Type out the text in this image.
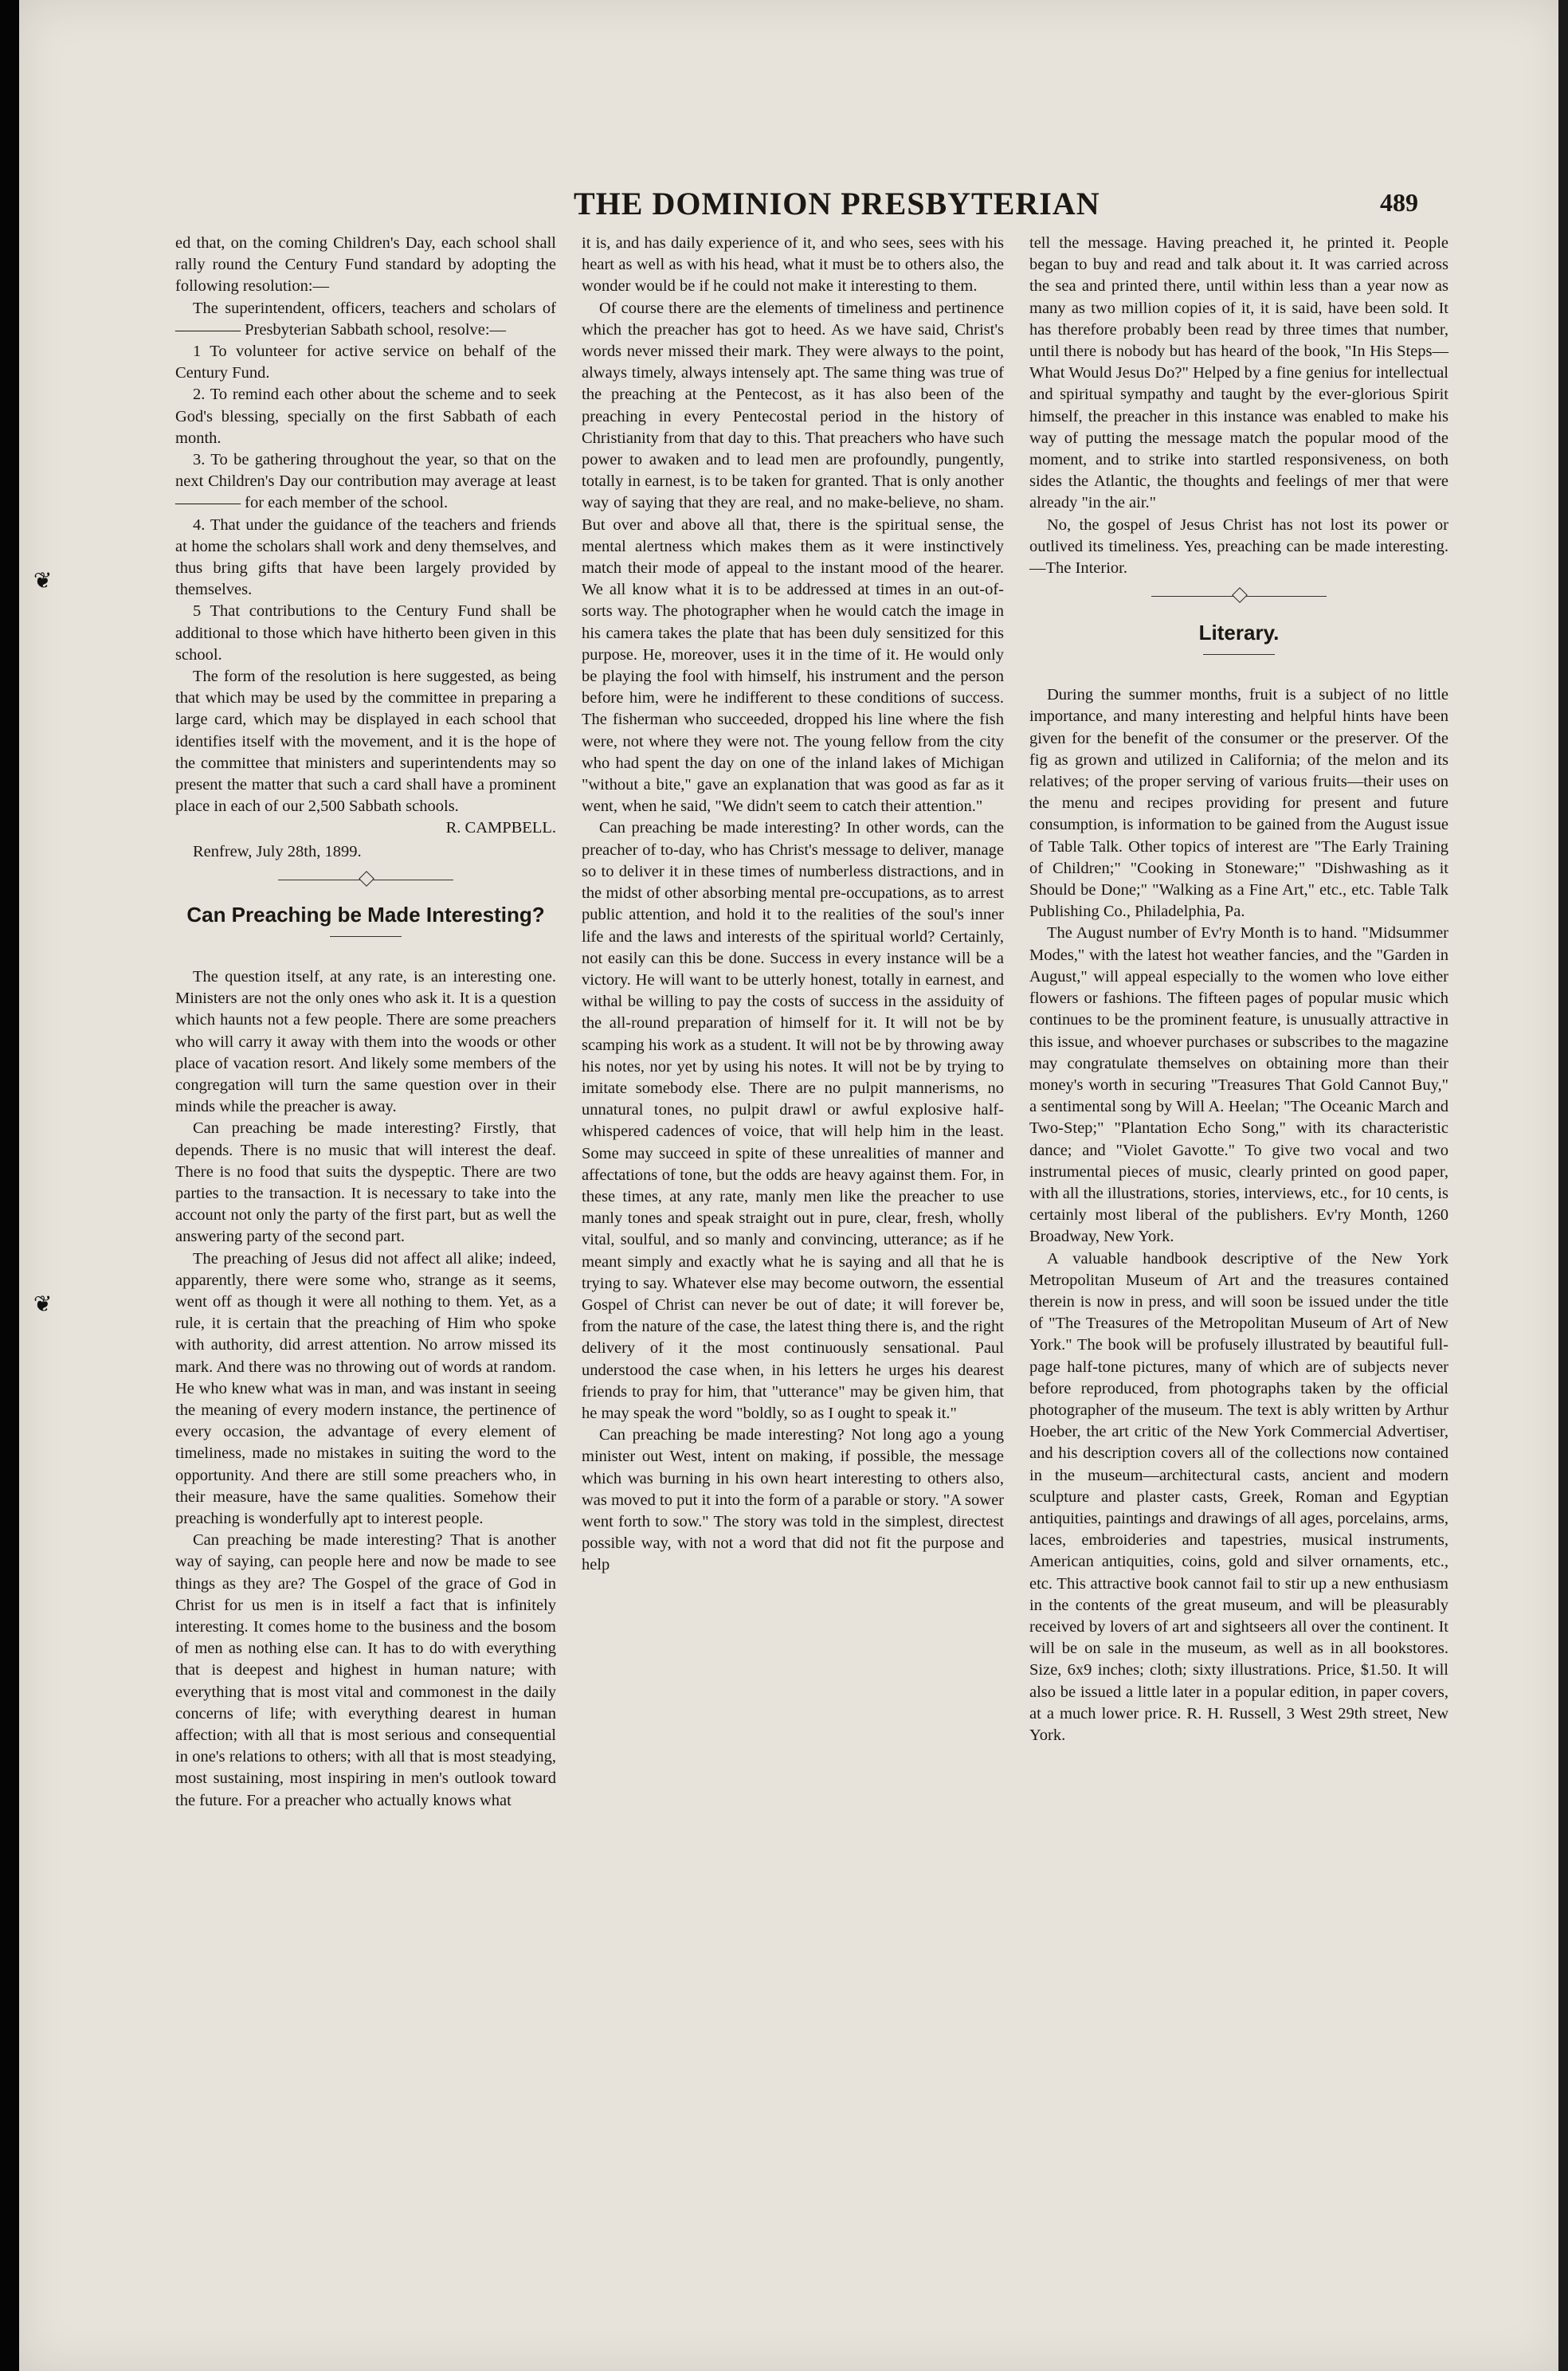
❦
❦
THE DOMINION PRESBYTERIAN	489

ed that, on the coming Children's Day, each school shall rally round the Century Fund standard by adopting the following resolution:—

The superintendent, officers, teachers and scholars of ———— Presbyterian Sabbath school, resolve:—

1 To volunteer for active service on behalf of the Century Fund.

2. To remind each other about the scheme and to seek God's blessing, specially on the first Sabbath of each month.

3. To be gathering throughout the year, so that on the next Children's Day our contribution may average at least ———— for each member of the school.

4. That under the guidance of the teachers and friends at home the scholars shall work and deny themselves, and thus bring gifts that have been largely provided by themselves.

5 That contributions to the Century Fund shall be additional to those which have hitherto been given in this school.

The form of the resolution is here suggested, as being that which may be used by the committee in preparing a large card, which may be displayed in each school that identifies itself with the movement, and it is the hope of the committee that ministers and superintendents may so present the matter that such a card shall have a prominent place in each of our 2,500 Sabbath schools.

R. CAMPBELL.

Renfrew, July 28th, 1899.

Can Preaching be Made Interesting?

The question itself, at any rate, is an interesting one. Ministers are not the only ones who ask it. It is a question which haunts not a few people. There are some preachers who will carry it away with them into the woods or other place of vacation resort. And likely some members of the congregation will turn the same question over in their minds while the preacher is away.

Can preaching be made interesting? Firstly, that depends. There is no music that will interest the deaf. There is no food that suits the dyspeptic. There are two parties to the transaction. It is necessary to take into the account not only the party of the first part, but as well the answering party of the second part.

The preaching of Jesus did not affect all alike; indeed, apparently, there were some who, strange as it seems, went off as though it were all nothing to them. Yet, as a rule, it is certain that the preaching of Him who spoke with authority, did arrest attention. No arrow missed its mark. And there was no throwing out of words at random. He who knew what was in man, and was instant in seeing the meaning of every modern instance, the pertinence of every occasion, the advantage of every element of timeliness, made no mistakes in suiting the word to the opportunity. And there are still some preachers who, in their measure, have the same qualities. Somehow their preaching is wonderfully apt to interest people.

Can preaching be made interesting? That is another way of saying, can people here and now be made to see things as they are? The Gospel of the grace of God in Christ for us men is in itself a fact that is infinitely interesting. It comes home to the business and the bosom of men as nothing else can. It has to do with everything that is deepest and highest in human nature; with everything that is most vital and commonest in the daily concerns of life; with everything dearest in human affection; with all that is most serious and consequential in one's relations to others; with all that is most steadying, most sustaining, most inspiring in men's outlook toward the future. For a preacher who actually knows what

it is, and has daily experience of it, and who sees, sees with his heart as well as with his head, what it must be to others also, the wonder would be if he could not make it interesting to them.

Of course there are the elements of timeliness and pertinence which the preacher has got to heed. As we have said, Christ's words never missed their mark. They were always to the point, always timely, always intensely apt. The same thing was true of the preaching at the Pentecost, as it has also been of the preaching in every Pentecostal period in the history of Christianity from that day to this. That preachers who have such power to awaken and to lead men are profoundly, pungently, totally in earnest, is to be taken for granted. That is only another way of saying that they are real, and no make-believe, no sham. But over and above all that, there is the spiritual sense, the mental alertness which makes them as it were instinctively match their mode of appeal to the instant mood of the hearer. We all know what it is to be addressed at times in an out-of-sorts way. The photographer when he would catch the image in his camera takes the plate that has been duly sensitized for this purpose. He, moreover, uses it in the time of it. He would only be playing the fool with himself, his instrument and the person before him, were he indifferent to these conditions of success. The fisherman who succeeded, dropped his line where the fish were, not where they were not. The young fellow from the city who had spent the day on one of the inland lakes of Michigan "without a bite," gave an explanation that was good as far as it went, when he said, "We didn't seem to catch their attention."

Can preaching be made interesting? In other words, can the preacher of to-day, who has Christ's message to deliver, manage so to deliver it in these times of numberless distractions, and in the midst of other absorbing mental pre-occupations, as to arrest public attention, and hold it to the realities of the soul's inner life and the laws and interests of the spiritual world? Certainly, not easily can this be done. Success in every instance will be a victory. He will want to be utterly honest, totally in earnest, and withal be willing to pay the costs of success in the assiduity of the all-round preparation of himself for it. It will not be by scamping his work as a student. It will not be by throwing away his notes, nor yet by using his notes. It will not be by trying to imitate somebody else. There are no pulpit mannerisms, no unnatural tones, no pulpit drawl or awful explosive half-whispered cadences of voice, that will help him in the least. Some may succeed in spite of these unrealities of manner and affectations of tone, but the odds are heavy against them. For, in these times, at any rate, manly men like the preacher to use manly tones and speak straight out in pure, clear, fresh, wholly vital, soulful, and so manly and convincing, utterance; as if he meant simply and exactly what he is saying and all that he is trying to say. Whatever else may become outworn, the essential Gospel of Christ can never be out of date; it will forever be, from the nature of the case, the latest thing there is, and the right delivery of it the most continuously sensational. Paul understood the case when, in his letters he urges his dearest friends to pray for him, that "utterance" may be given him, that he may speak the word "boldly, so as I ought to speak it."

Can preaching be made interesting? Not long ago a young minister out West, intent on making, if possible, the message which was burning in his own heart interesting to others also, was moved to put it into the form of a parable or story. "A sower went forth to sow." The story was told in the simplest, directest possible way, with not a word that did not fit the purpose and help

tell the message. Having preached it, he printed it. People began to buy and read and talk about it. It was carried across the sea and printed there, until within less than a year now as many as two million copies of it, it is said, have been sold. It has therefore probably been read by three times that number, until there is nobody but has heard of the book, "In His Steps—What Would Jesus Do?" Helped by a fine genius for intellectual and spiritual sympathy and taught by the ever-glorious Spirit himself, the preacher in this instance was enabled to make his way of putting the message match the popular mood of the moment, and to strike into startled responsiveness, on both sides the Atlantic, the thoughts and feelings of mer that were already "in the air."

No, the gospel of Jesus Christ has not lost its power or outlived its timeliness. Yes, preaching can be made interesting.—The Interior.

Literary.

During the summer months, fruit is a subject of no little importance, and many interesting and helpful hints have been given for the benefit of the consumer or the preserver. Of the fig as grown and utilized in California; of the melon and its relatives; of the proper serving of various fruits—their uses on the menu and recipes providing for present and future consumption, is information to be gained from the August issue of Table Talk. Other topics of interest are "The Early Training of Children;" "Cooking in Stoneware;" "Dishwashing as it Should be Done;" "Walking as a Fine Art," etc., etc. Table Talk Publishing Co., Philadelphia, Pa.

The August number of Ev'ry Month is to hand. "Midsummer Modes," with the latest hot weather fancies, and the "Garden in August," will appeal especially to the women who love either flowers or fashions. The fifteen pages of popular music which continues to be the prominent feature, is unusually attractive in this issue, and whoever purchases or subscribes to the magazine may congratulate themselves on obtaining more than their money's worth in securing "Treasures That Gold Cannot Buy," a sentimental song by Will A. Heelan; "The Oceanic March and Two-Step;" "Plantation Echo Song," with its characteristic dance; and "Violet Gavotte." To give two vocal and two instrumental pieces of music, clearly printed on good paper, with all the illustrations, stories, interviews, etc., for 10 cents, is certainly most liberal of the publishers. Ev'ry Month, 1260 Broadway, New York.

A valuable handbook descriptive of the New York Metropolitan Museum of Art and the treasures contained therein is now in press, and will soon be issued under the title of "The Treasures of the Metropolitan Museum of Art of New York." The book will be profusely illustrated by beautiful full-page half-tone pictures, many of which are of subjects never before reproduced, from photographs taken by the official photographer of the museum. The text is ably written by Arthur Hoeber, the art critic of the New York Commercial Advertiser, and his description covers all of the collections now contained in the museum—architectural casts, ancient and modern sculpture and plaster casts, Greek, Roman and Egyptian antiquities, paintings and drawings of all ages, porcelains, arms, laces, embroideries and tapestries, musical instruments, American antiquities, coins, gold and silver ornaments, etc., etc. This attractive book cannot fail to stir up a new enthusiasm in the contents of the great museum, and will be pleasurably received by lovers of art and sightseers all over the continent. It will be on sale in the museum, as well as in all bookstores. Size, 6x9 inches; cloth; sixty illustrations. Price, $1.50. It will also be issued a little later in a popular edition, in paper covers, at a much lower price. R. H. Russell, 3 West 29th street, New York.
